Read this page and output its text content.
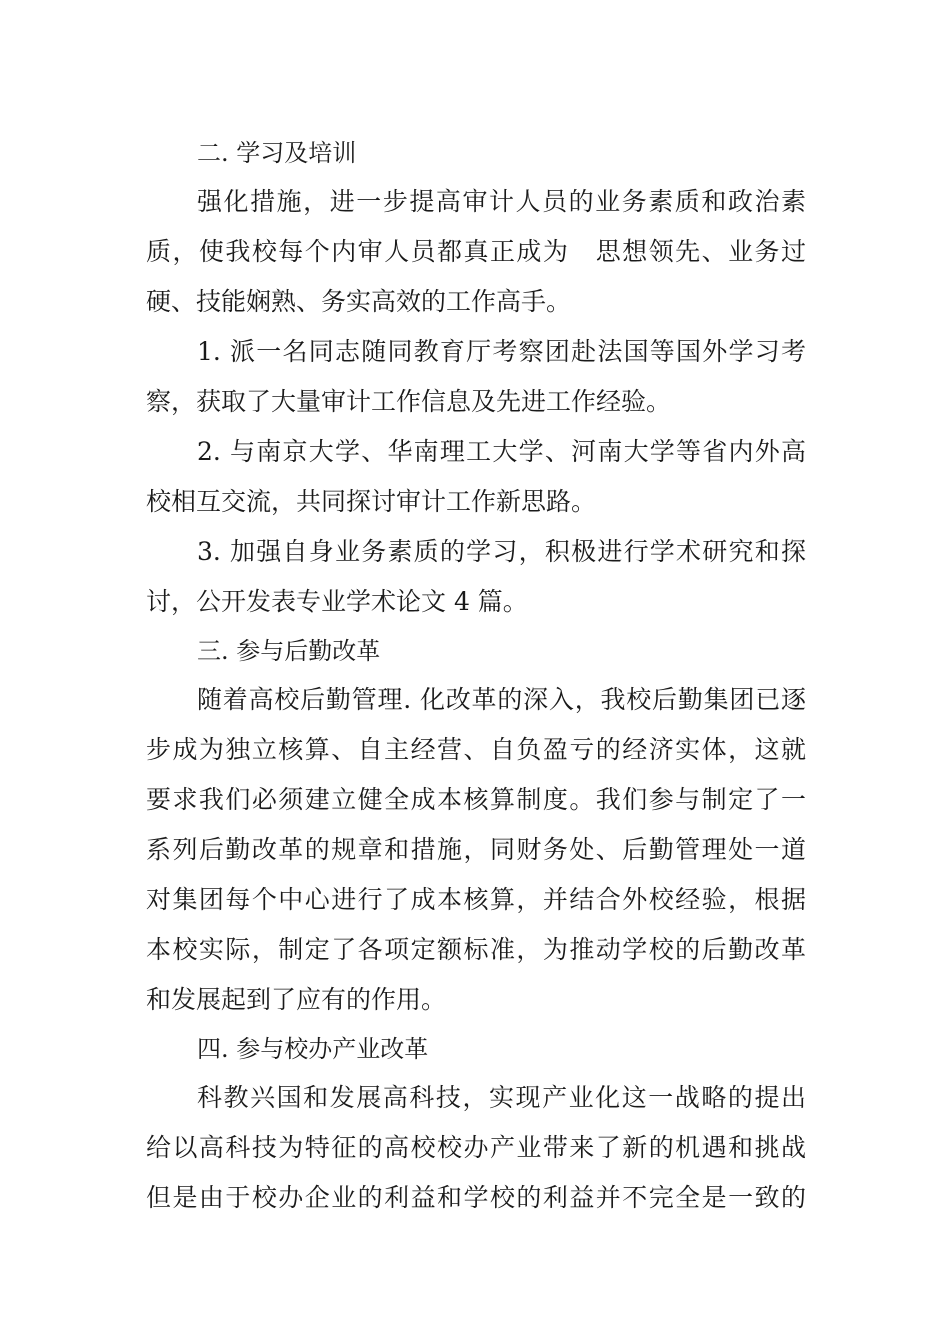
二. 学习及培训
强化措施，进一步提高审计人员的业务素质和政治素
质，使我校每个内审人员都真正成为　思想领先、业务过
硬、技能娴熟、务实高效的工作高手。
1. 派一名同志随同教育厅考察团赴法国等国外学习考
察，获取了大量审计工作信息及先进工作经验。
2. 与南京大学、华南理工大学、河南大学等省内外高
校相互交流，共同探讨审计工作新思路。
3. 加强自身业务素质的学习，积极进行学术研究和探
讨，公开发表专业学术论文 4 篇。
三. 参与后勤改革
随着高校后勤管理. 化改革的深入，我校后勤集团已逐
步成为独立核算、自主经营、自负盈亏的经济实体，这就
要求我们必须建立健全成本核算制度。我们参与制定了一
系列后勤改革的规章和措施，同财务处、后勤管理处一道
对集团每个中心进行了成本核算，并结合外校经验，根据
本校实际，制定了各项定额标准，为推动学校的后勤改革
和发展起到了应有的作用。
四. 参与校办产业改革
科教兴国和发展高科技，实现产业化这一战略的提出
给以高科技为特征的高校校办产业带来了新的机遇和挑战
但是由于校办企业的利益和学校的利益并不完全是一致的
